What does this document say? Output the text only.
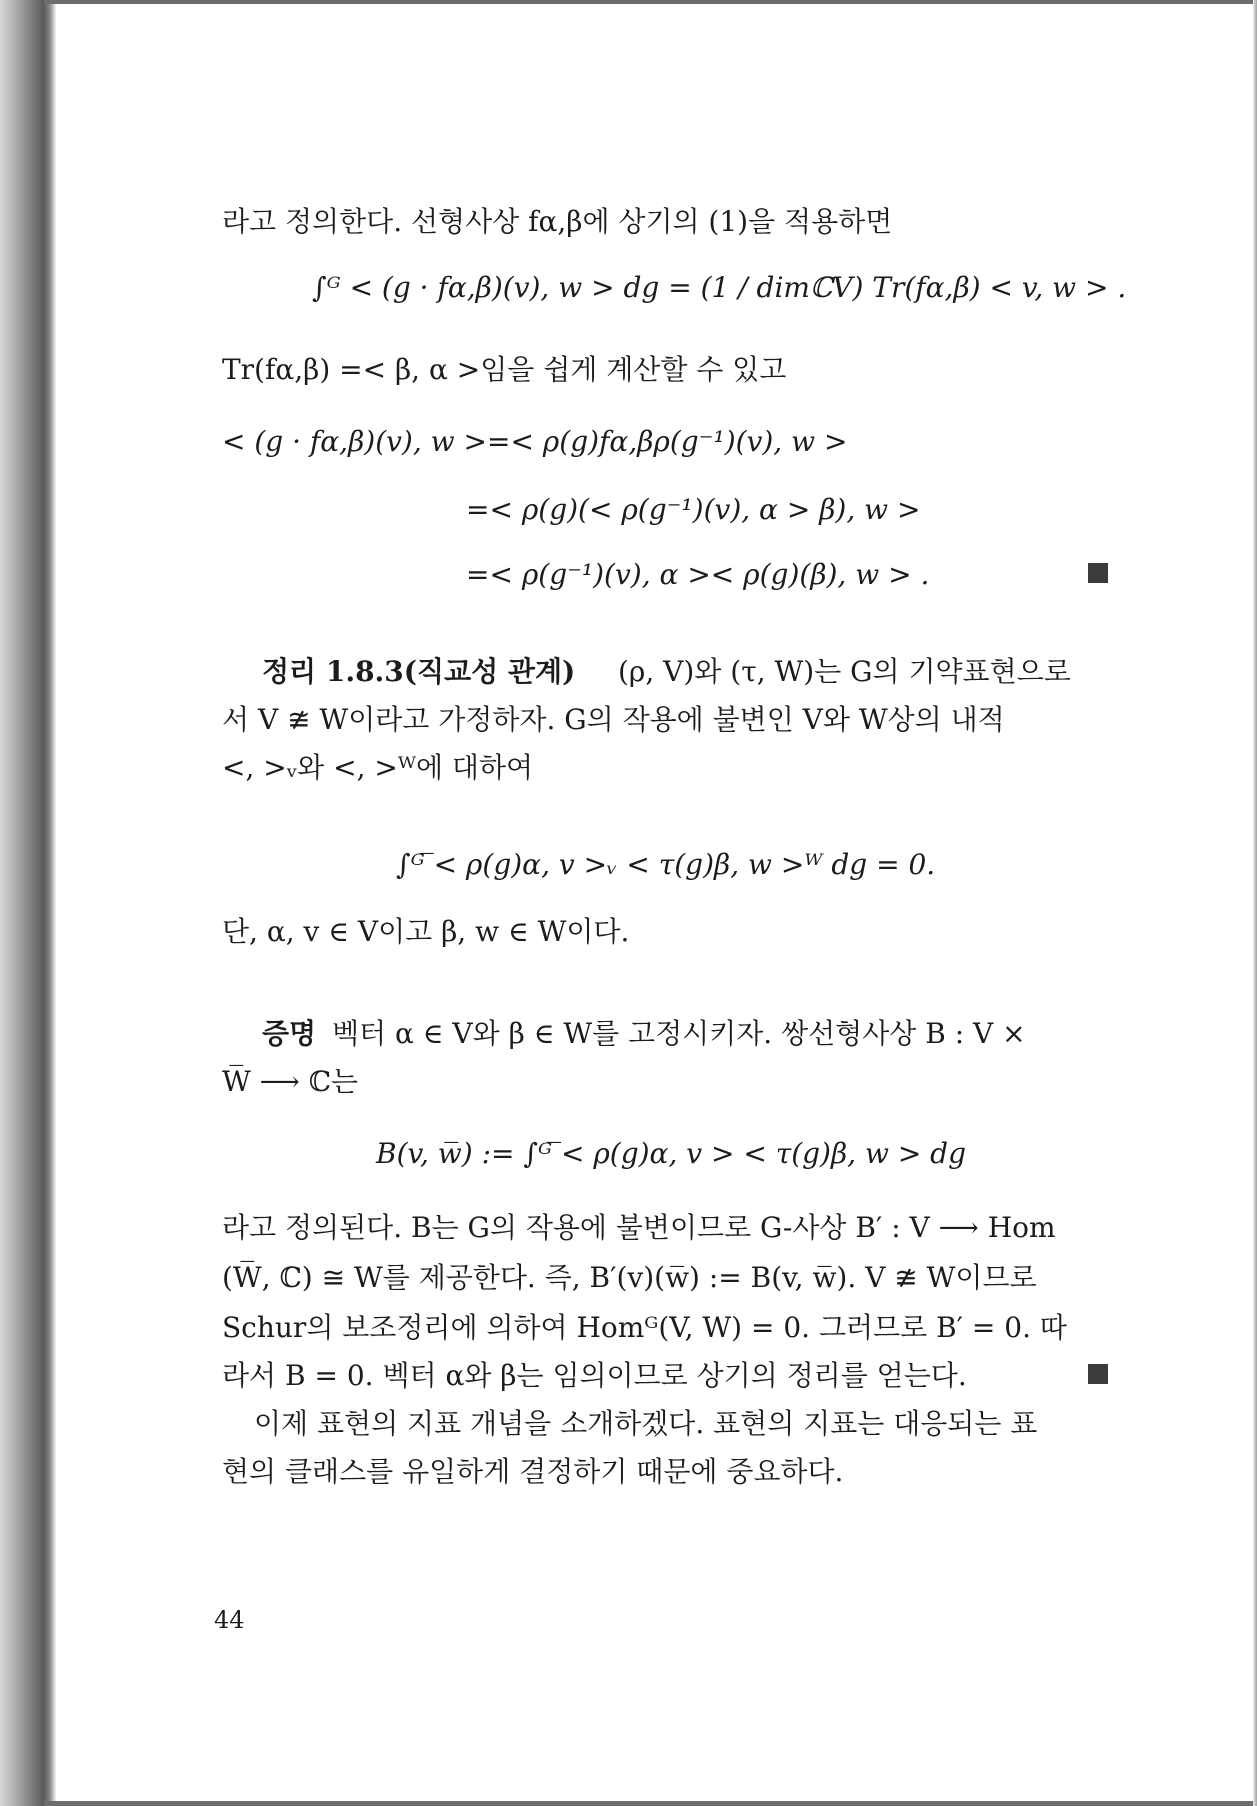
라고 정의한다. 선형사상 fα,β에 상기의 (1)을 적용하면
∫ᴳ < (g · fα,β)(v), w > dg = (1 / dimℂV) Tr(fα,β) < v, w > .
Tr(fα,β) =< β, α >임을 쉽게 계산할 수 있고
< (g · fα,β)(v), w >=< ρ(g)fα,βρ(g⁻¹)(v), w >
=< ρ(g)(< ρ(g⁻¹)(v), α > β), w >
=< ρ(g⁻¹)(v), α >< ρ(g)(β), w > .
정리 1.8.3(직교성 관계) (ρ, V)와 (τ, W)는 G의 기약표현으로
서 V ≇ W이라고 가정하자. G의 작용에 불변인 V와 W상의 내적
<, >ᵥ와 <, >ᵂ에 대하여
∫ᴳ ̅< ρ(g)α, v >ᵥ < τ(g)β, w >ᵂ dg = 0.
단, α, v ∈ V이고 β, w ∈ W이다.
증명 벡터 α ∈ V와 β ∈ W를 고정시키자. 쌍선형사상 B : V ×
W̅ ⟶ ℂ는
B(v, w̅) := ∫ᴳ ̅< ρ(g)α, v > < τ(g)β, w > dg
라고 정의된다. B는 G의 작용에 불변이므로 G-사상 B′ : V ⟶ Hom
(W̅, ℂ) ≅ W를 제공한다. 즉, B′(v)(w̅) := B(v, w̅). V ≇ W이므로
Schur의 보조정리에 의하여 Homᴳ(V, W) = 0. 그러므로 B′ = 0. 따
라서 B = 0. 벡터 α와 β는 임의이므로 상기의 정리를 얻는다.
이제 표현의 지표 개념을 소개하겠다. 표현의 지표는 대응되는 표
현의 클래스를 유일하게 결정하기 때문에 중요하다.
44
